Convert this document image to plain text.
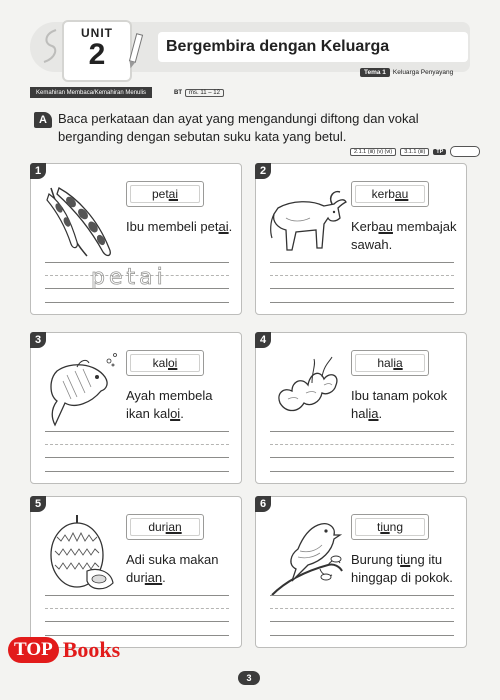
UNIT
2	Bergembira dengan Keluarga
Tema 1	Keluarga Penyayang
Kemahiran Membaca/Kemahiran Menulis	BT	ms. 11 – 12
A Baca perkataan dan ayat yang mengandungi diftong dan vokal berganding dengan sebutan suku kata yang betul.
2.1.1 (iii) (v) (vi)	3.1.1 (iii)	TP
1
petai
Ibu membeli petai.
petai
2
kerbau
Kerbau membajak sawah.
3
kaloi
Ayah membela ikan kaloi.
4
halia
Ibu tanam pokok halia.
5
durian
Adi suka makan durian.
6
tiung
Burung tiung itu hinggap di pokok.
TOP Books
3
